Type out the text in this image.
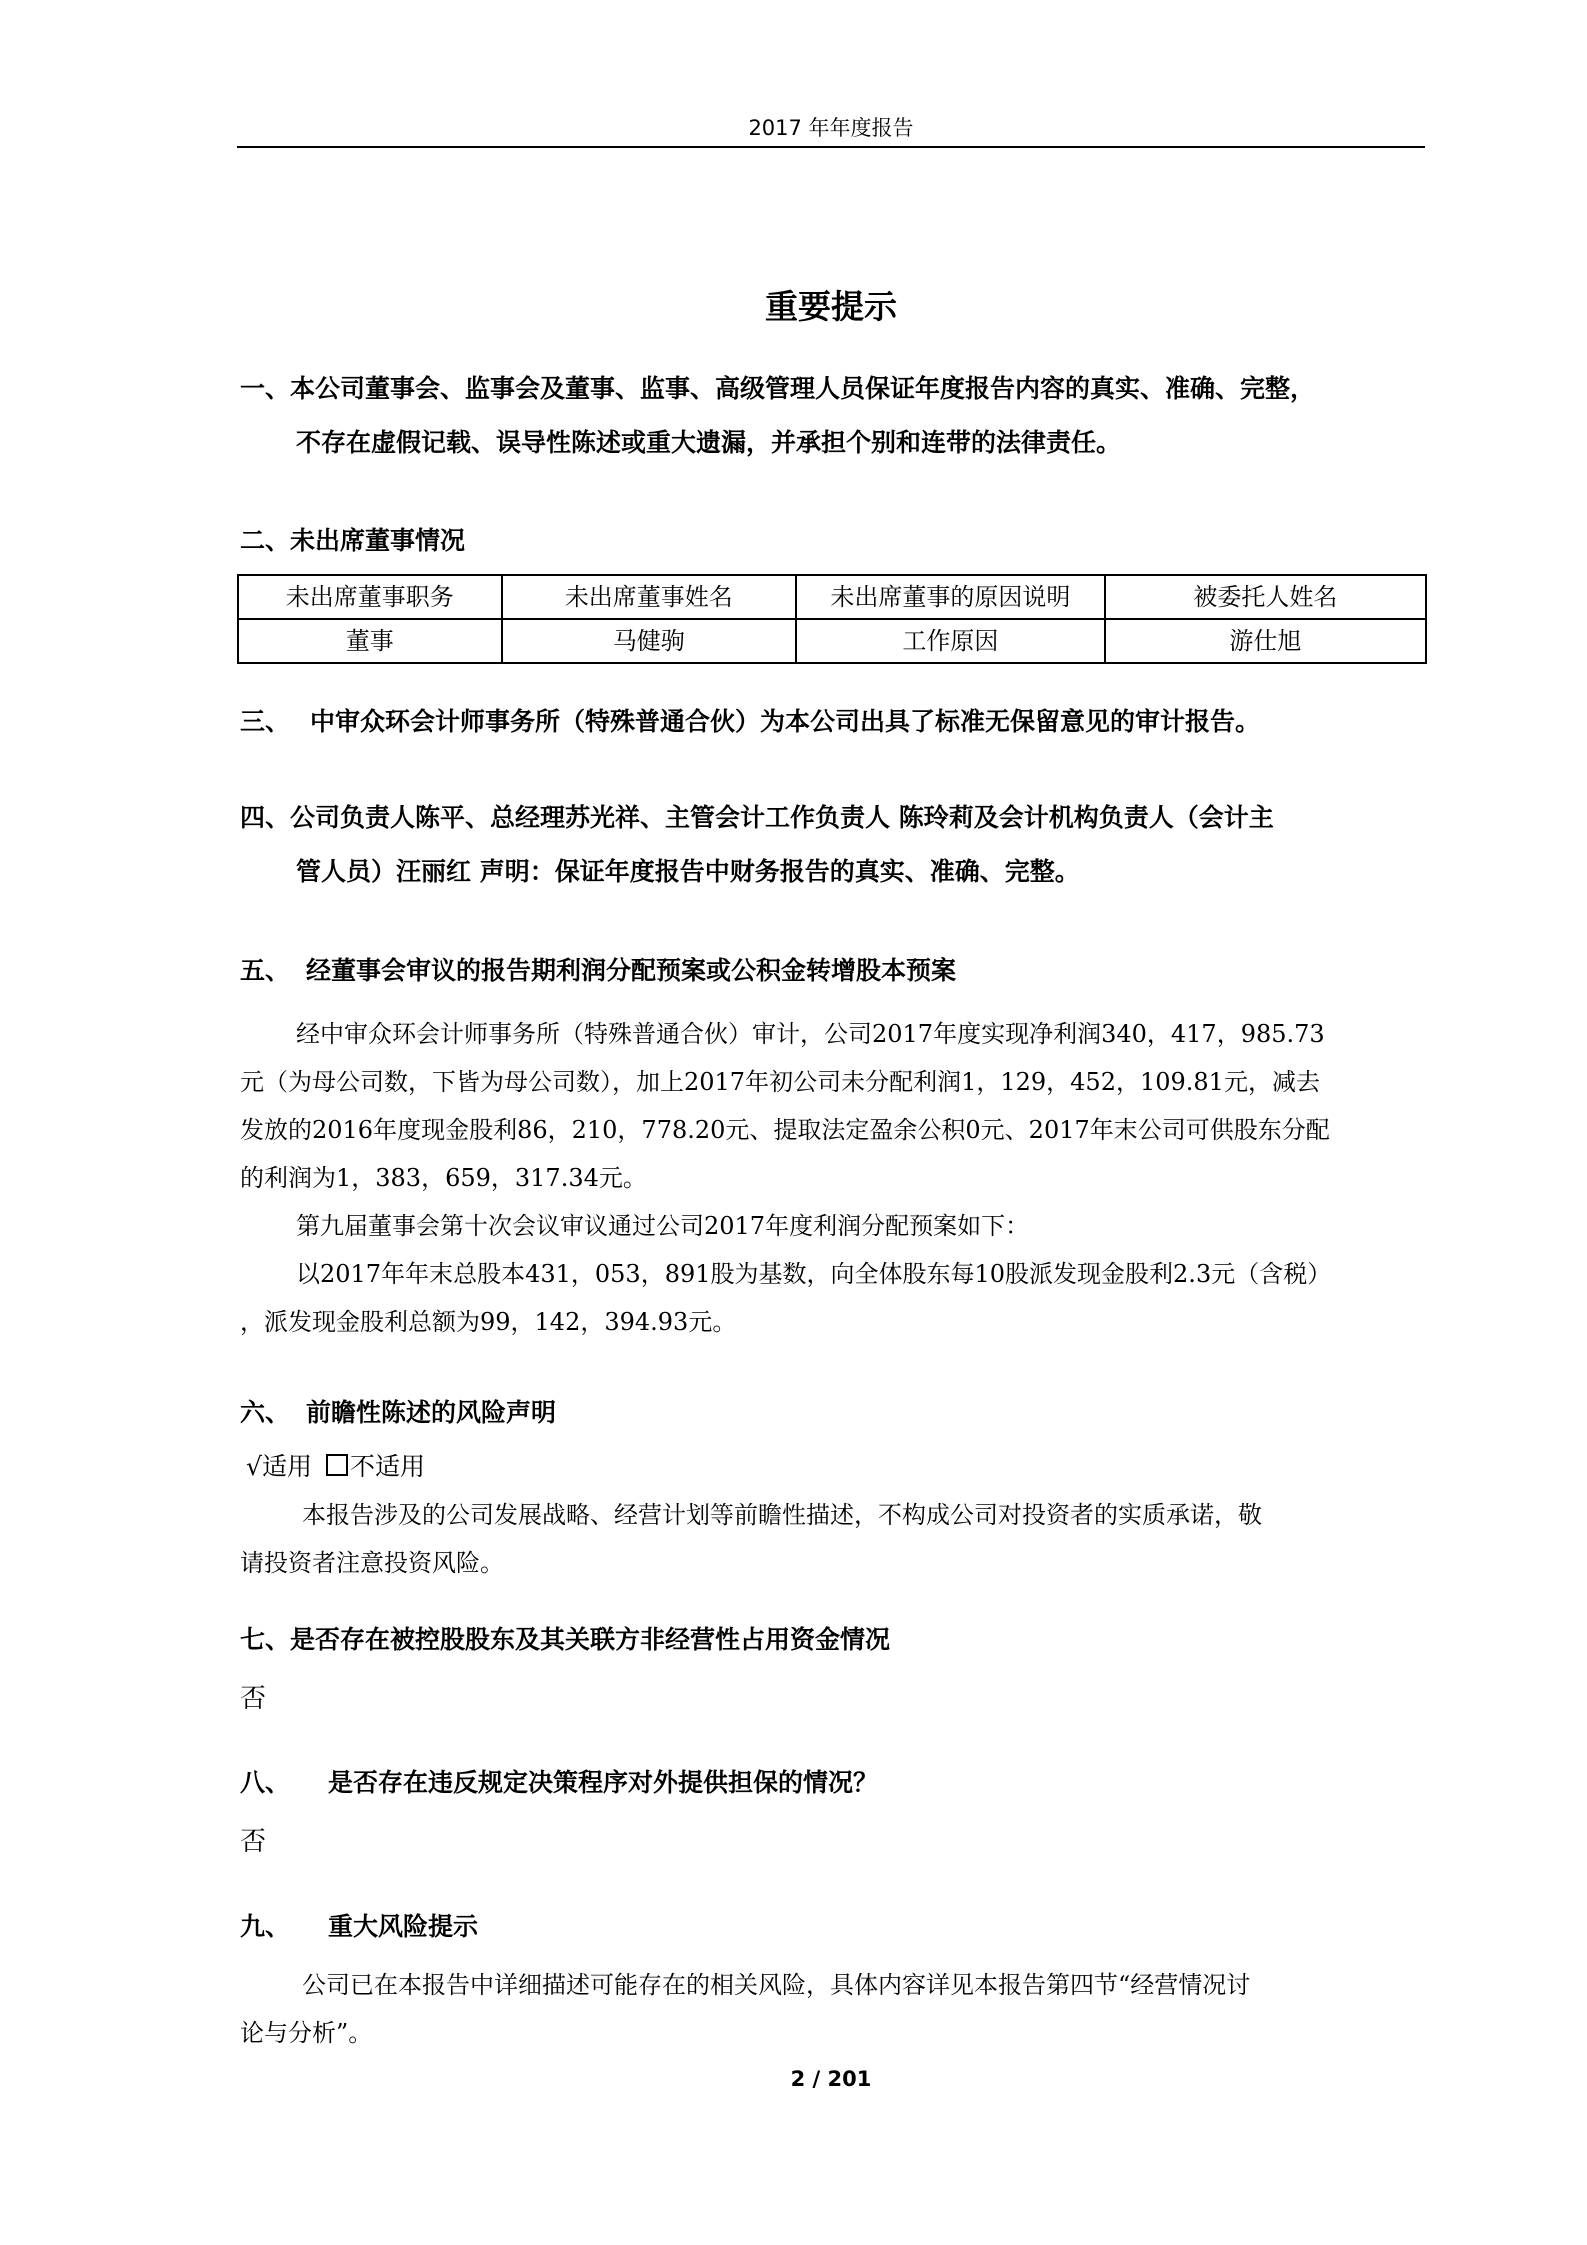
2017 年年度报告
重要提示
一、本公司董事会、监事会及董事、监事、高级管理人员保证年度报告内容的真实、准确、完整，
不存在虚假记载、误导性陈述或重大遗漏，并承担个别和连带的法律责任。
二、未出席董事情况
未出席董事职务	未出席董事姓名	未出席董事的原因说明	被委托人姓名
董事	马健驹	工作原因	游仕旭
三、 中审众环会计师事务所（特殊普通合伙）为本公司出具了标准无保留意见的审计报告。
四、公司负责人陈平、总经理苏光祥、主管会计工作负责人 陈玲莉及会计机构负责人（会计主
管人员）汪丽红 声明：保证年度报告中财务报告的真实、准确、完整。
五、 经董事会审议的报告期利润分配预案或公积金转增股本预案
经中审众环会计师事务所（特殊普通合伙）审计，公司2017年度实现净利润340，417，985.73
元（为母公司数，下皆为母公司数），加上2017年初公司未分配利润1，129，452，109.81元，减去
发放的2016年度现金股利86，210，778.20元、提取法定盈余公积0元、2017年末公司可供股东分配
的利润为1，383，659，317.34元。
第九届董事会第十次会议审议通过公司2017年度利润分配预案如下：
以2017年年末总股本431，053，891股为基数，向全体股东每10股派发现金股利2.3元（含税）
，派发现金股利总额为99，142，394.93元。
六、 前瞻性陈述的风险声明
√适用 不适用
本报告涉及的公司发展战略、经营计划等前瞻性描述，不构成公司对投资者的实质承诺，敬
请投资者注意投资风险。
七、是否存在被控股股东及其关联方非经营性占用资金情况
否
八、 是否存在违反规定决策程序对外提供担保的情况？
否
九、 重大风险提示
公司已在本报告中详细描述可能存在的相关风险，具体内容详见本报告第四节“经营情况讨
论与分析”。
2 / 201
